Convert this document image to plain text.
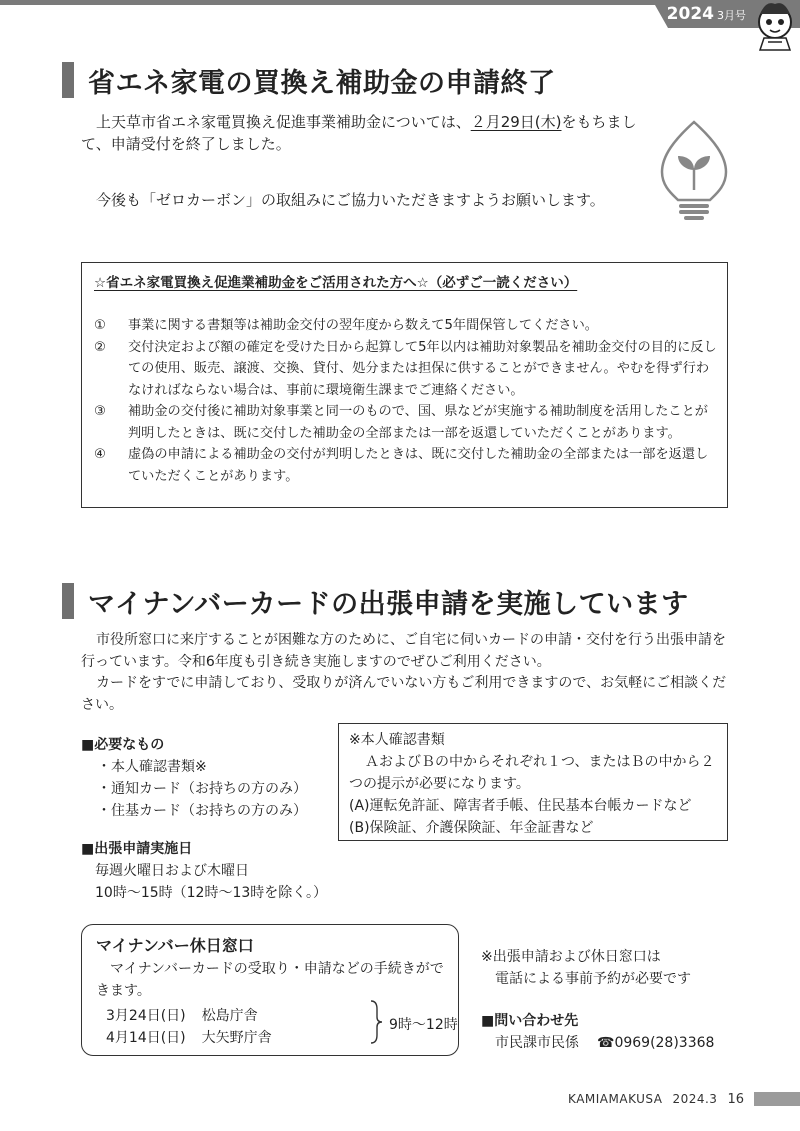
2024 3月号
省エネ家電の買換え補助金の申請終了

上天草市省エネ家電買換え促進事業補助金については、２月29日(木)をもちまして、申請受付を終了しました。

今後も「ゼロカーボン」の取組みにご協力いただきますようお願いします。

☆省エネ家電買換え促進業補助金をご活用された方へ☆（必ずご一読ください）
①	事業に関する書類等は補助金交付の翌年度から数えて5年間保管してください。
②	交付決定および額の確定を受けた日から起算して5年以内は補助対象製品を補助金交付の目的に反しての使用、販売、譲渡、交換、貸付、処分または担保に供することができません。やむを得ず行わなければならない場合は、事前に環境衛生課までご連絡ください。
③	補助金の交付後に補助対象事業と同一のもので、国、県などが実施する補助制度を活用したことが判明したときは、既に交付した補助金の全部または一部を返還していただくことがあります。
④	虚偽の申請による補助金の交付が判明したときは、既に交付した補助金の全部または一部を返還していただくことがあります。
マイナンバーカードの出張申請を実施しています

市役所窓口に来庁することが困難な方のために、ご自宅に伺いカードの申請・交付を行う出張申請を行っています。令和6年度も引き続き実施しますのでぜひご利用ください。

カードをすでに申請しており、受取りが済んでいない方もご利用できますので、お気軽にご相談ください。

■必要なもの
・本人確認書類※
・通知カード（お持ちの方のみ）
・住基カード（お持ちの方のみ）
※本人確認書類
ＡおよびＢの中からそれぞれ１つ、またはＢの中から２つの提示が必要になります。
(A)運転免許証、障害者手帳、住民基本台帳カードなど
(B)保険証、介護保険証、年金証書など
■出張申請実施日
毎週火曜日および木曜日
10時～15時（12時～13時を除く。）
マイナンバー休日窓口
マイナンバーカードの受取り・申請などの手続きができます。
3月24日(日) 松島庁舎
4月14日(日) 大矢野庁舎
9時～12時
※出張申請および休日窓口は
電話による事前予約が必要です
■問い合わせ先
市民課市民係 ☎0969(28)3368
KAMIAMAKUSA 2024.3 16
